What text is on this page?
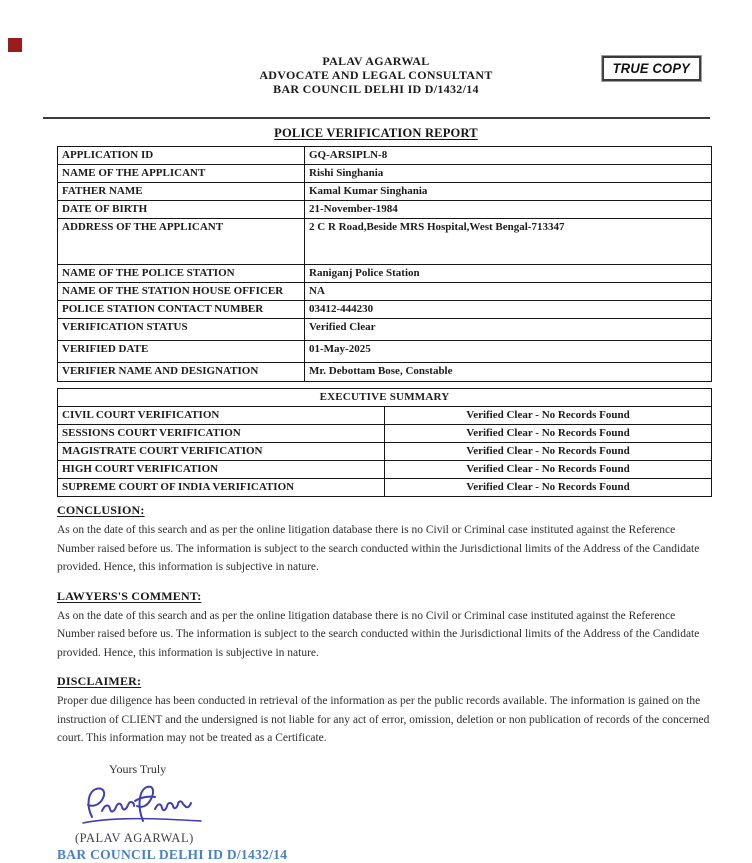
PALAV AGARWAL
ADVOCATE AND LEGAL CONSULTANT
BAR COUNCIL DELHI ID D/1432/14
TRUE COPY
POLICE VERIFICATION REPORT
APPLICATION ID	GQ-ARSIPLN-8
NAME OF THE APPLICANT	Rishi Singhania
FATHER NAME	Kamal Kumar Singhania
DATE OF BIRTH	21-November-1984
ADDRESS OF THE APPLICANT	2 C R Road,Beside MRS Hospital,West Bengal-713347
NAME OF THE POLICE STATION	Raniganj Police Station
NAME OF THE STATION HOUSE OFFICER	NA
POLICE STATION CONTACT NUMBER	03412-444230
VERIFICATION STATUS	Verified Clear
VERIFIED DATE	01-May-2025
VERIFIER NAME AND DESIGNATION	Mr. Debottam Bose, Constable
EXECUTIVE SUMMARY	
CIVIL COURT VERIFICATION	Verified Clear - No Records Found
SESSIONS COURT VERIFICATION	Verified Clear - No Records Found
MAGISTRATE COURT VERIFICATION	Verified Clear - No Records Found
HIGH COURT VERIFICATION	Verified Clear - No Records Found
SUPREME COURT OF INDIA VERIFICATION	Verified Clear - No Records Found
CONCLUSION:

As on the date of this search and as per the online litigation database there is no Civil or Criminal case instituted against the Reference Number raised before us. The information is subject to the search conducted within the Jurisdictional limits of the Address of the Candidate provided. Hence, this information is subjective in nature.

LAWYERS'S COMMENT:

As on the date of this search and as per the online litigation database there is no Civil or Criminal case instituted against the Reference Number raised before us. The information is subject to the search conducted within the Jurisdictional limits of the Address of the Candidate provided. Hence, this information is subjective in nature.

DISCLAIMER:

Proper due diligence has been conducted in retrieval of the information as per the public records available. The information is gained on the instruction of CLIENT and the undersigned is not liable for any act of error, omission, deletion or non publication of records of the concerned court. This information may not be treated as a Certificate.

Yours Truly
(PALAV AGARWAL)
BAR COUNCIL DELHI ID D/1432/14
